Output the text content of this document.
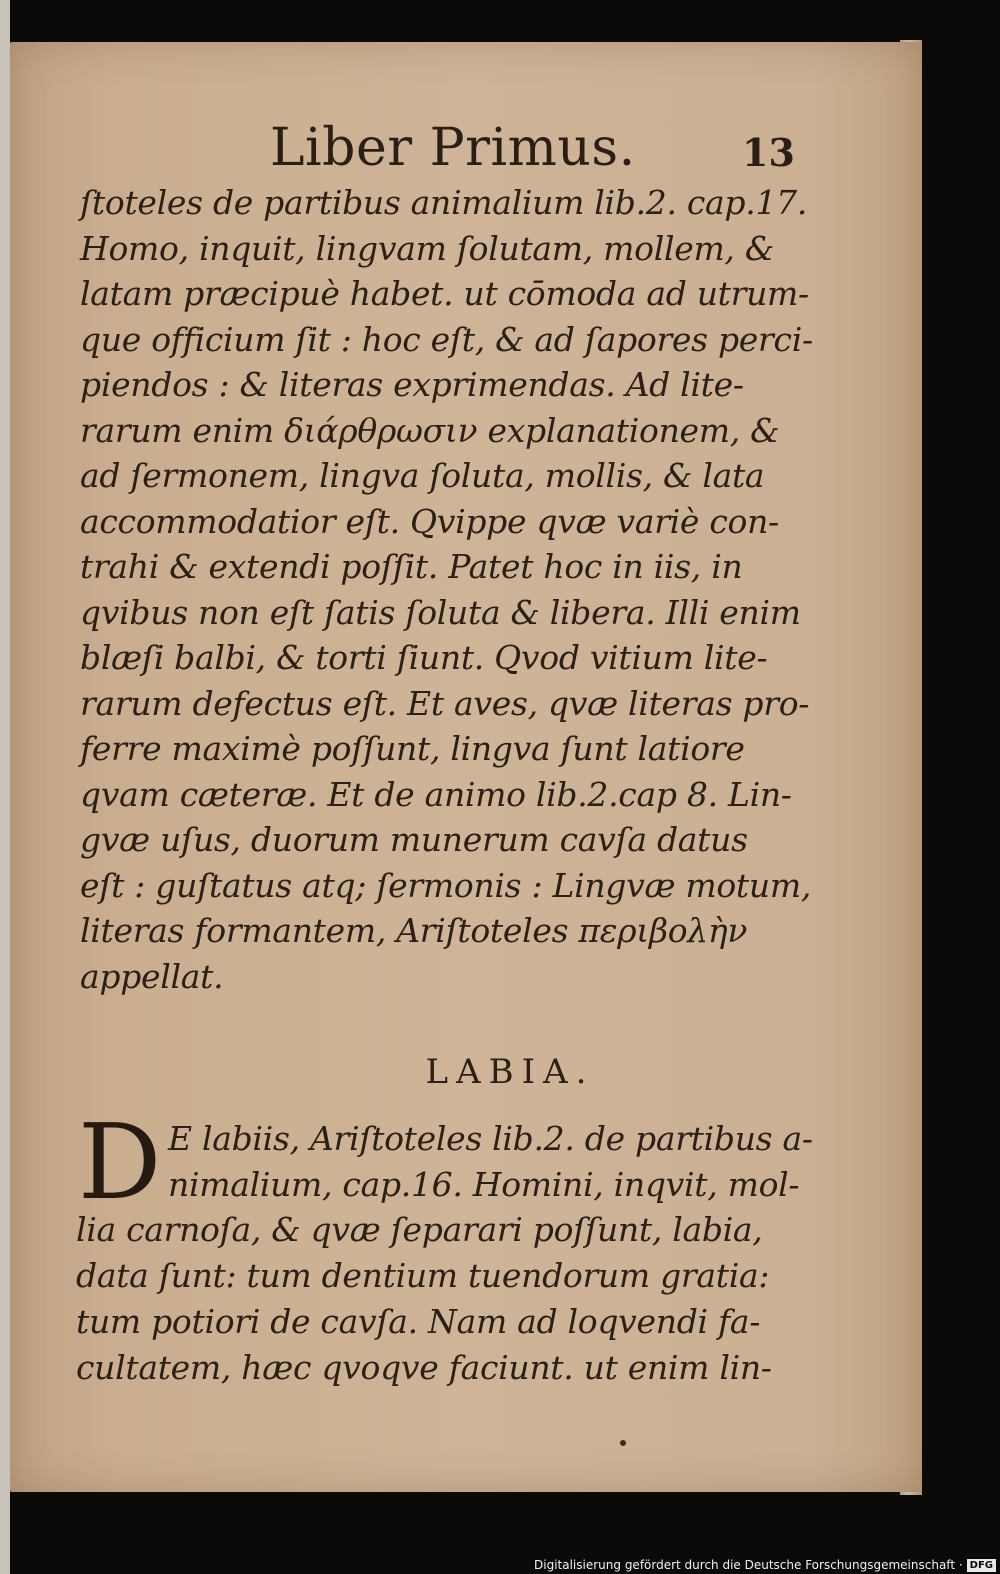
Liber Primus.	13
ſtoteles de partibus animalium lib.2. cap.17.
Homo, inquit, lingvam ſolutam, mollem, &
latam præcipuè habet. ut cōmoda ad utrum-
que officium ſit : hoc eſt, & ad ſapores perci-
piendos : & literas exprimendas. Ad lite-
rarum enim διάρθρωσιν explanationem, &
ad ſermonem, lingva ſoluta, mollis, & lata
accommodatior eſt. Qvippe qvæ variè con-
trahi & extendi poſſit. Patet hoc in iis, in
qvibus non eſt ſatis ſoluta & libera. Illi enim
blæſi balbi, & torti ſiunt. Qvod vitium lite-
rarum defectus eſt. Et aves, qvæ literas pro-
ferre maximè poſſunt, lingva ſunt latiore
qvam cæteræ. Et de animo lib.2.cap 8. Lin-
gvæ uſus, duorum munerum cavſa datus
eſt : guſtatus atq; ſermonis : Lingvæ motum,
literas formantem, Ariſtoteles περιβολὴν
appellat.
LABIA.
D E labiis, Ariſtoteles lib.2. de partibus a-
nimalium, cap.16. Homini, inqvit, mol-
lia carnoſa, & qvæ ſeparari poſſunt, labia,
data ſunt: tum dentium tuendorum gratia:
tum potiori de cavſa. Nam ad loqvendi fa-
cultatem, hæc qvoqve faciunt. ut enim lin-
Digitalisierung gefördert durch die Deutsche Forschungsgemeinschaft · DFG
